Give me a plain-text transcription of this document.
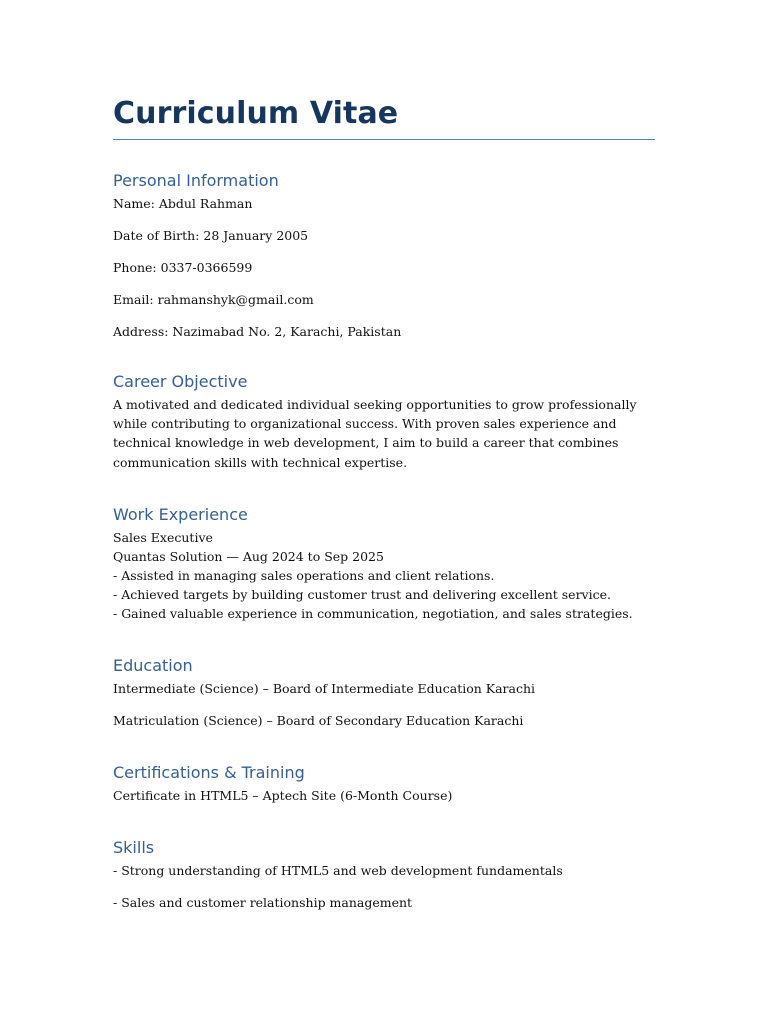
Curriculum Vitae
Personal Information

Name: Abdul Rahman

Date of Birth: 28 January 2005

Phone: 0337-0366599

Email: rahmanshyk@gmail.com

Address: Nazimabad No. 2, Karachi, Pakistan

Career Objective

A motivated and dedicated individual seeking opportunities to grow professionally while contributing to organizational success. With proven sales experience and technical knowledge in web development, I aim to build a career that combines communication skills with technical expertise.

Work Experience

Sales Executive

Quantas Solution — Aug 2024 to Sep 2025

- Assisted in managing sales operations and client relations.

- Achieved targets by building customer trust and delivering excellent service.

- Gained valuable experience in communication, negotiation, and sales strategies.

Education

Intermediate (Science) – Board of Intermediate Education Karachi

Matriculation (Science) – Board of Secondary Education Karachi

Certifications & Training

Certificate in HTML5 – Aptech Site (6-Month Course)

Skills

- Strong understanding of HTML5 and web development fundamentals

- Sales and customer relationship management
